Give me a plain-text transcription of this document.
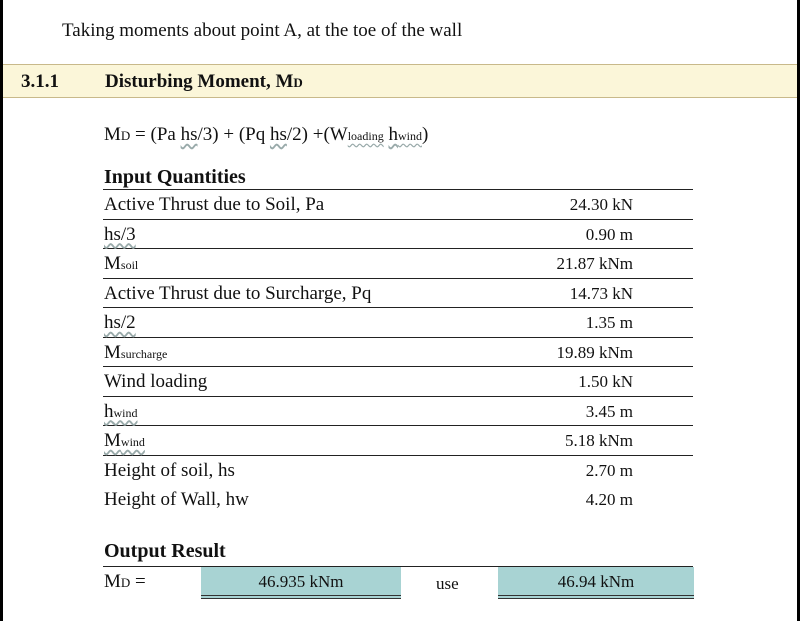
Taking moments about point A, at the toe of the wall
3.1.1 Disturbing Moment, Md
Md = (Pa hs/3) + (Pq hs/2) +(Wloading hwind)
Input Quantities
Active Thrust due to Soil, Pa	24.30 kN
hs/3	0.90 m
Msoil	21.87 kNm
Active Thrust due to Surcharge, Pq	14.73 kN
hs/2	1.35 m
Msurcharge	19.89 kNm
Wind loading	1.50 kN
hwind	3.45 m
Mwind	5.18 kNm
Height of soil, hs	2.70 m
Height of Wall, hw	4.20 m
Output Result
Md =	46.935 kNm	use	46.94 kNm
